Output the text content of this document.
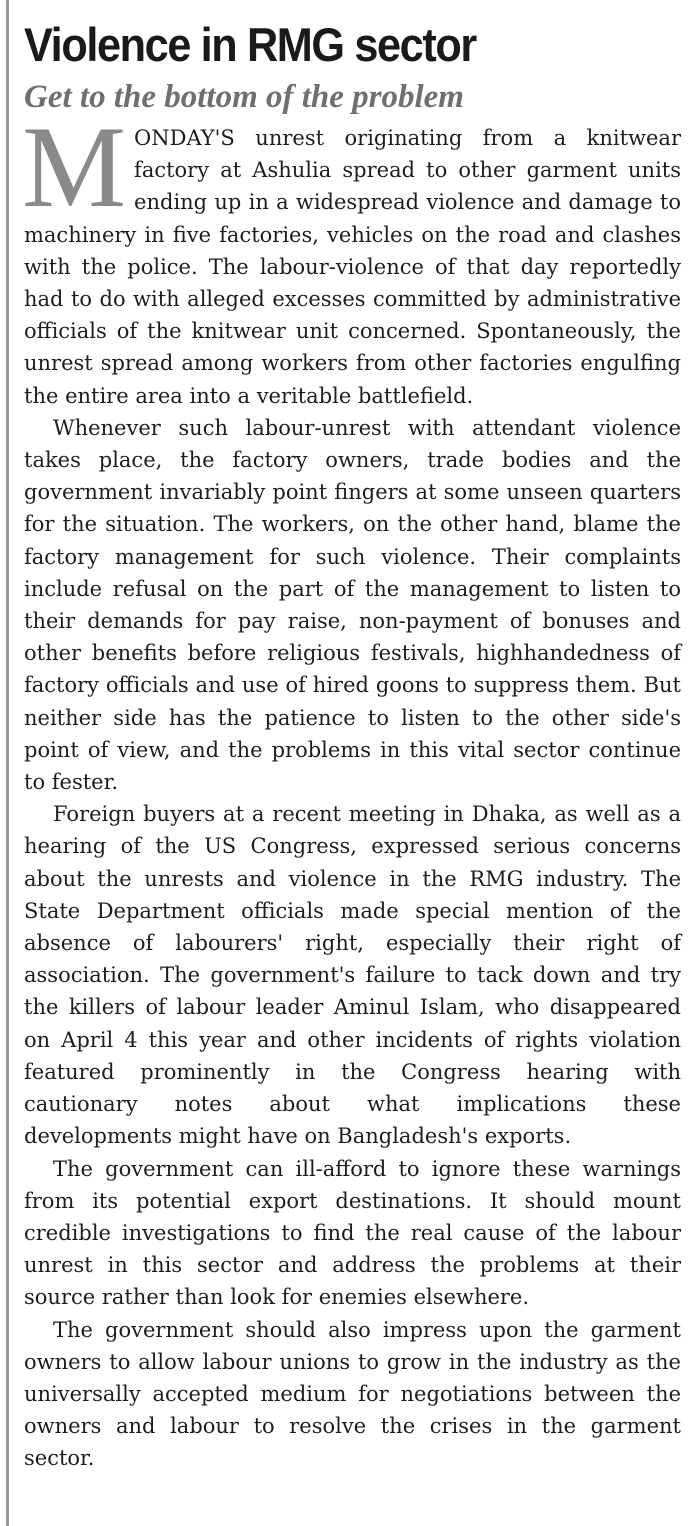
Violence in RMG sector
Get to the bottom of the problem

MONDAY'S unrest originating from a knitwear factory at Ashulia spread to other garment units ending up in a widespread violence and damage to machinery in five factories, vehicles on the road and clashes with the police. The labour-violence of that day reportedly had to do with alleged excesses committed by administrative officials of the knitwear unit concerned. Spontaneously, the unrest spread among workers from other factories engulfing the entire area into a veritable battlefield.

Whenever such labour-unrest with attendant violence takes place, the factory owners, trade bodies and the government invariably point fingers at some unseen quarters for the situation. The workers, on the other hand, blame the factory management for such violence. Their complaints include refusal on the part of the management to listen to their demands for pay raise, non-payment of bonuses and other benefits before religious festivals, highhandedness of factory officials and use of hired goons to suppress them. But neither side has the patience to listen to the other side's point of view, and the problems in this vital sector continue to fester.

Foreign buyers at a recent meeting in Dhaka, as well as a hearing of the US Congress, expressed serious concerns about the unrests and violence in the RMG industry. The State Department officials made special mention of the absence of labourers' right, especially their right of association. The government's failure to tack down and try the killers of labour leader Aminul Islam, who disappeared on April 4 this year and other incidents of rights violation featured prominently in the Congress hearing with cautionary notes about what implications these developments might have on Bangladesh's exports.

The government can ill-afford to ignore these warnings from its potential export destinations. It should mount credible investigations to find the real cause of the labour unrest in this sector and address the problems at their source rather than look for enemies elsewhere.

The government should also impress upon the garment owners to allow labour unions to grow in the industry as the universally accepted medium for negotiations between the owners and labour to resolve the crises in the garment sector.
